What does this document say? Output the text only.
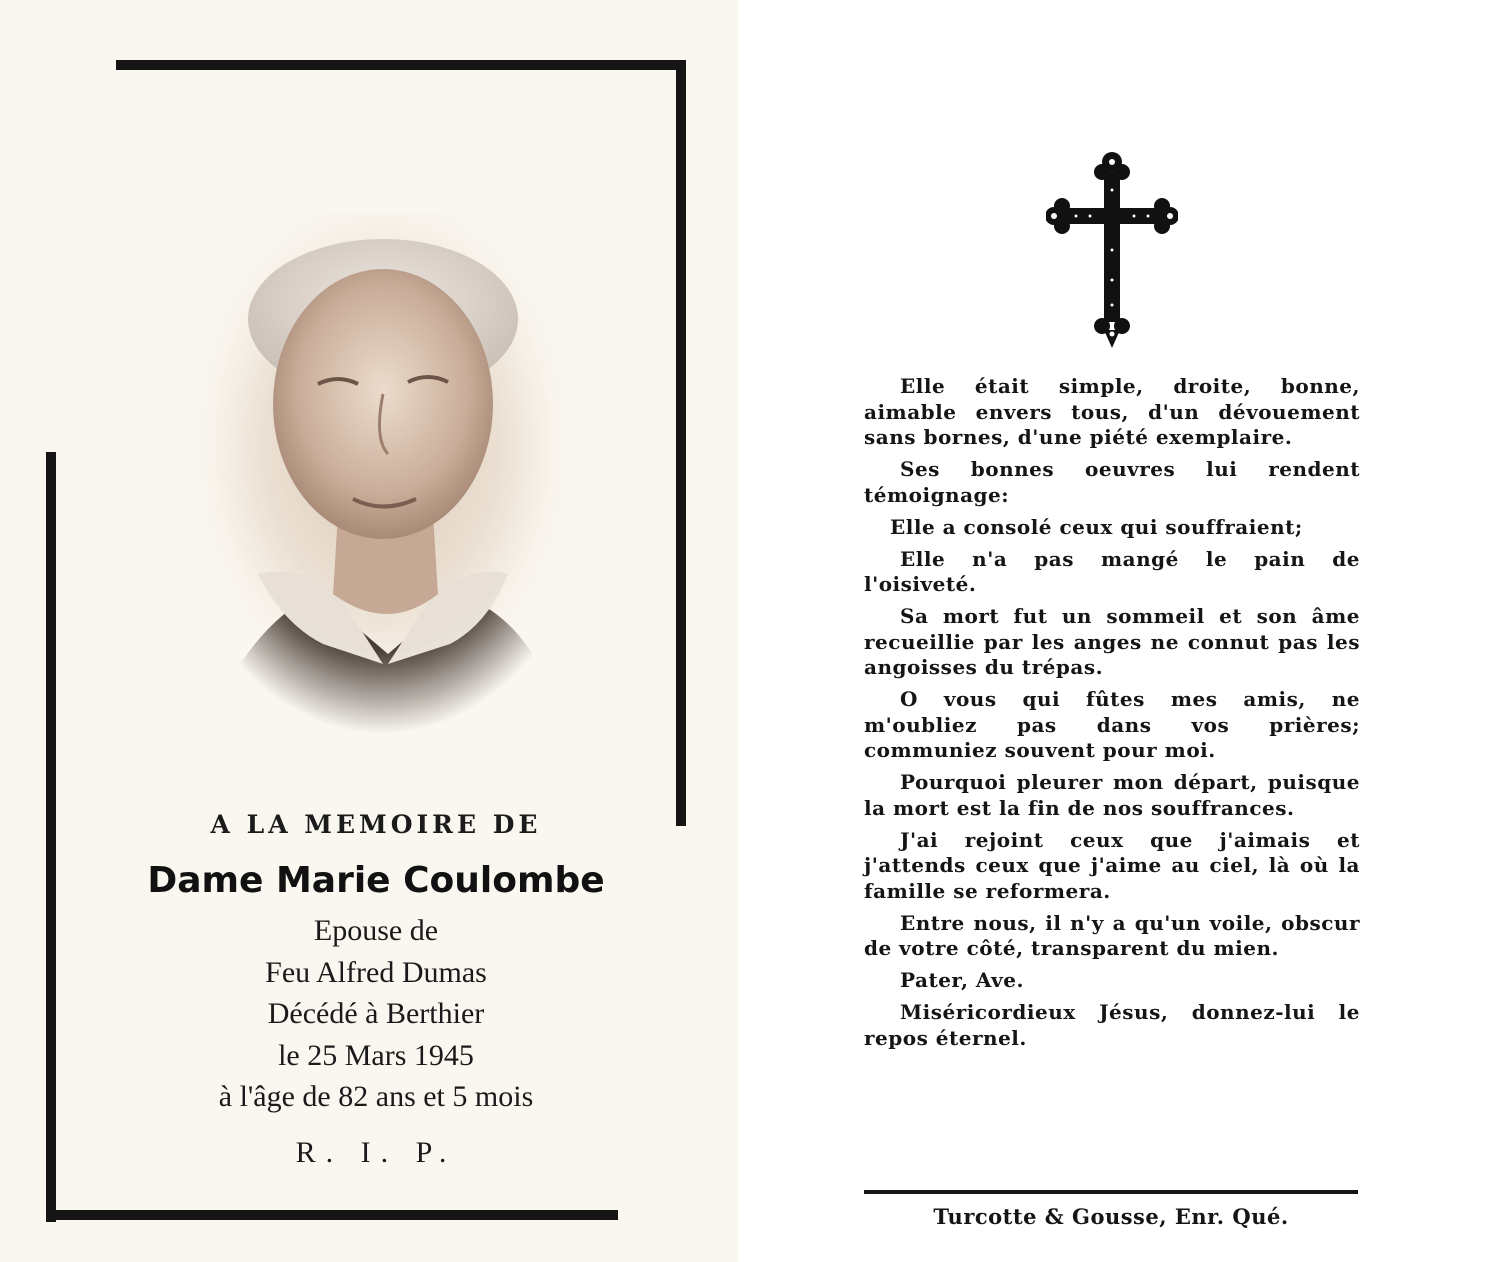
A LA MEMOIRE DE
Dame Marie Coulombe
Epouse de
Feu Alfred Dumas
Décédé à Berthier
le 25 Mars 1945
à l'âge de 82 ans et 5 mois
R. I. P.

Elle était simple, droite, bonne, aimable envers tous, d'un dévouement sans bornes, d'une piété exemplaire.

Ses bonnes oeuvres lui rendent témoignage:

Elle a consolé ceux qui souffraient;

Elle n'a pas mangé le pain de l'oisiveté.

Sa mort fut un sommeil et son âme recueillie par les anges ne connut pas les angoisses du trépas.

O vous qui fûtes mes amis, ne m'oubliez pas dans vos prières; communiez souvent pour moi.

Pourquoi pleurer mon départ, puisque la mort est la fin de nos souffrances.

J'ai rejoint ceux que j'aimais et j'attends ceux que j'aime au ciel, là où la famille se reformera.

Entre nous, il n'y a qu'un voile, obscur de votre côté, transparent du mien.

Pater, Ave.

Miséricordieux Jésus, donnez-lui le repos éternel.

Turcotte & Gousse, Enr. Qué.
